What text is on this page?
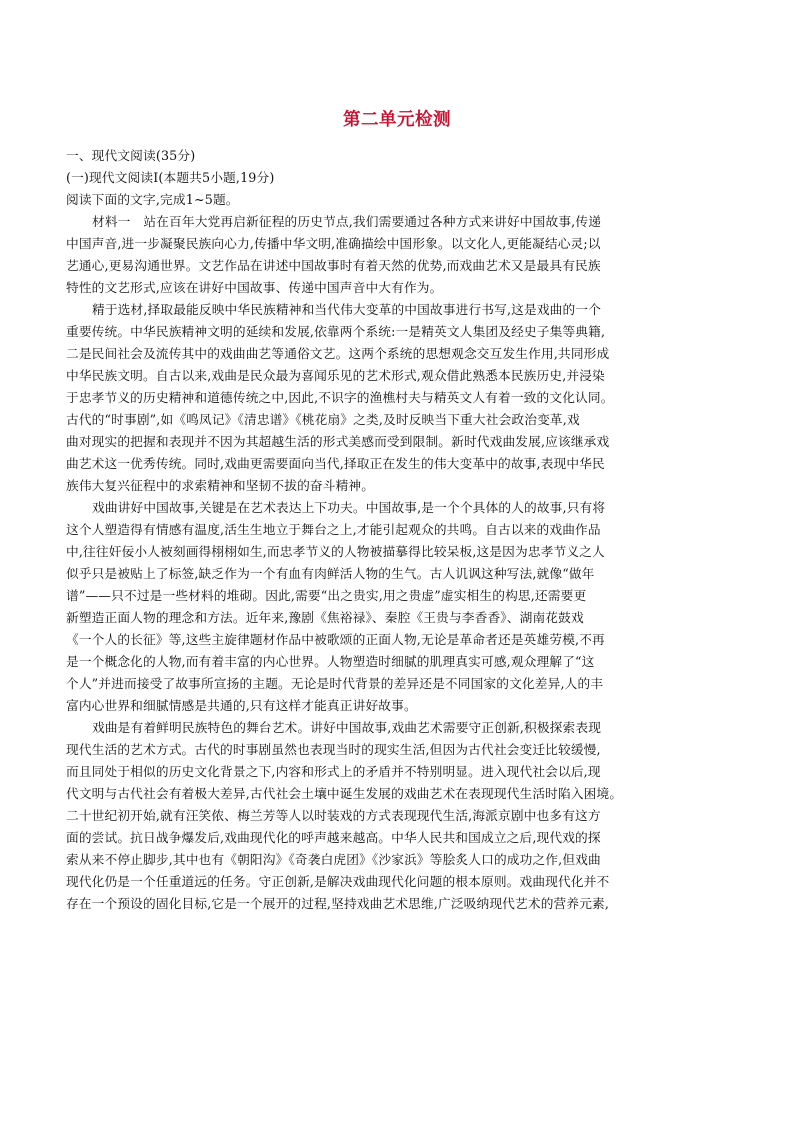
第二单元检测
一、现代文阅读(35分)
(一)现代文阅读Ⅰ(本题共5小题,19分)
阅读下面的文字,完成1~5题。
材料一　站在百年大党再启新征程的历史节点,我们需要通过各种方式来讲好中国故事,传递
中国声音,进一步凝聚民族向心力,传播中华文明,准确描绘中国形象。以文化人,更能凝结心灵;以
艺通心,更易沟通世界。文艺作品在讲述中国故事时有着天然的优势,而戏曲艺术又是最具有民族
特性的文艺形式,应该在讲好中国故事、传递中国声音中大有作为。
精于选材,择取最能反映中华民族精神和当代伟大变革的中国故事进行书写,这是戏曲的一个
重要传统。中华民族精神文明的延续和发展,依靠两个系统:一是精英文人集团及经史子集等典籍,
二是民间社会及流传其中的戏曲曲艺等通俗文艺。这两个系统的思想观念交互发生作用,共同形成
中华民族文明。自古以来,戏曲是民众最为喜闻乐见的艺术形式,观众借此熟悉本民族历史,并浸染
于忠孝节义的历史精神和道德传统之中,因此,不识字的渔樵村夫与精英文人有着一致的文化认同。
古代的“时事剧”,如《鸣凤记》《清忠谱》《桃花扇》之类,及时反映当下重大社会政治变革,戏
曲对现实的把握和表现并不因为其超越生活的形式美感而受到限制。新时代戏曲发展,应该继承戏
曲艺术这一优秀传统。同时,戏曲更需要面向当代,择取正在发生的伟大变革中的故事,表现中华民
族伟大复兴征程中的求索精神和坚韧不拔的奋斗精神。
戏曲讲好中国故事,关键是在艺术表达上下功夫。中国故事,是一个个具体的人的故事,只有将
这个人塑造得有情感有温度,活生生地立于舞台之上,才能引起观众的共鸣。自古以来的戏曲作品
中,往往奸佞小人被刻画得栩栩如生,而忠孝节义的人物被描摹得比较呆板,这是因为忠孝节义之人
似乎只是被贴上了标签,缺乏作为一个有血有肉鲜活人物的生气。古人讥讽这种写法,就像“做年
谱”——只不过是一些材料的堆砌。因此,需要“出之贵实,用之贵虚”虚实相生的构思,还需要更
新塑造正面人物的理念和方法。近年来,豫剧《焦裕禄》、秦腔《王贵与李香香》、湖南花鼓戏
《一个人的长征》等,这些主旋律题材作品中被歌颂的正面人物,无论是革命者还是英雄劳模,不再
是一个概念化的人物,而有着丰富的内心世界。人物塑造时细腻的肌理真实可感,观众理解了“这
个人”并进而接受了故事所宣扬的主题。无论是时代背景的差异还是不同国家的文化差异,人的丰
富内心世界和细腻情感是共通的,只有这样才能真正讲好故事。
戏曲是有着鲜明民族特色的舞台艺术。讲好中国故事,戏曲艺术需要守正创新,积极探索表现
现代生活的艺术方式。古代的时事剧虽然也表现当时的现实生活,但因为古代社会变迁比较缓慢,
而且同处于相似的历史文化背景之下,内容和形式上的矛盾并不特别明显。进入现代社会以后,现
代文明与古代社会有着极大差异,古代社会土壤中诞生发展的戏曲艺术在表现现代生活时陷入困境。
二十世纪初开始,就有汪笑侬、梅兰芳等人以时装戏的方式表现现代生活,海派京剧中也多有这方
面的尝试。抗日战争爆发后,戏曲现代化的呼声越来越高。中华人民共和国成立之后,现代戏的探
索从来不停止脚步,其中也有《朝阳沟》《奇袭白虎团》《沙家浜》等脍炙人口的成功之作,但戏曲
现代化仍是一个任重道远的任务。守正创新,是解决戏曲现代化问题的根本原则。戏曲现代化并不
存在一个预设的固化目标,它是一个展开的过程,坚持戏曲艺术思维,广泛吸纳现代艺术的营养元素,
